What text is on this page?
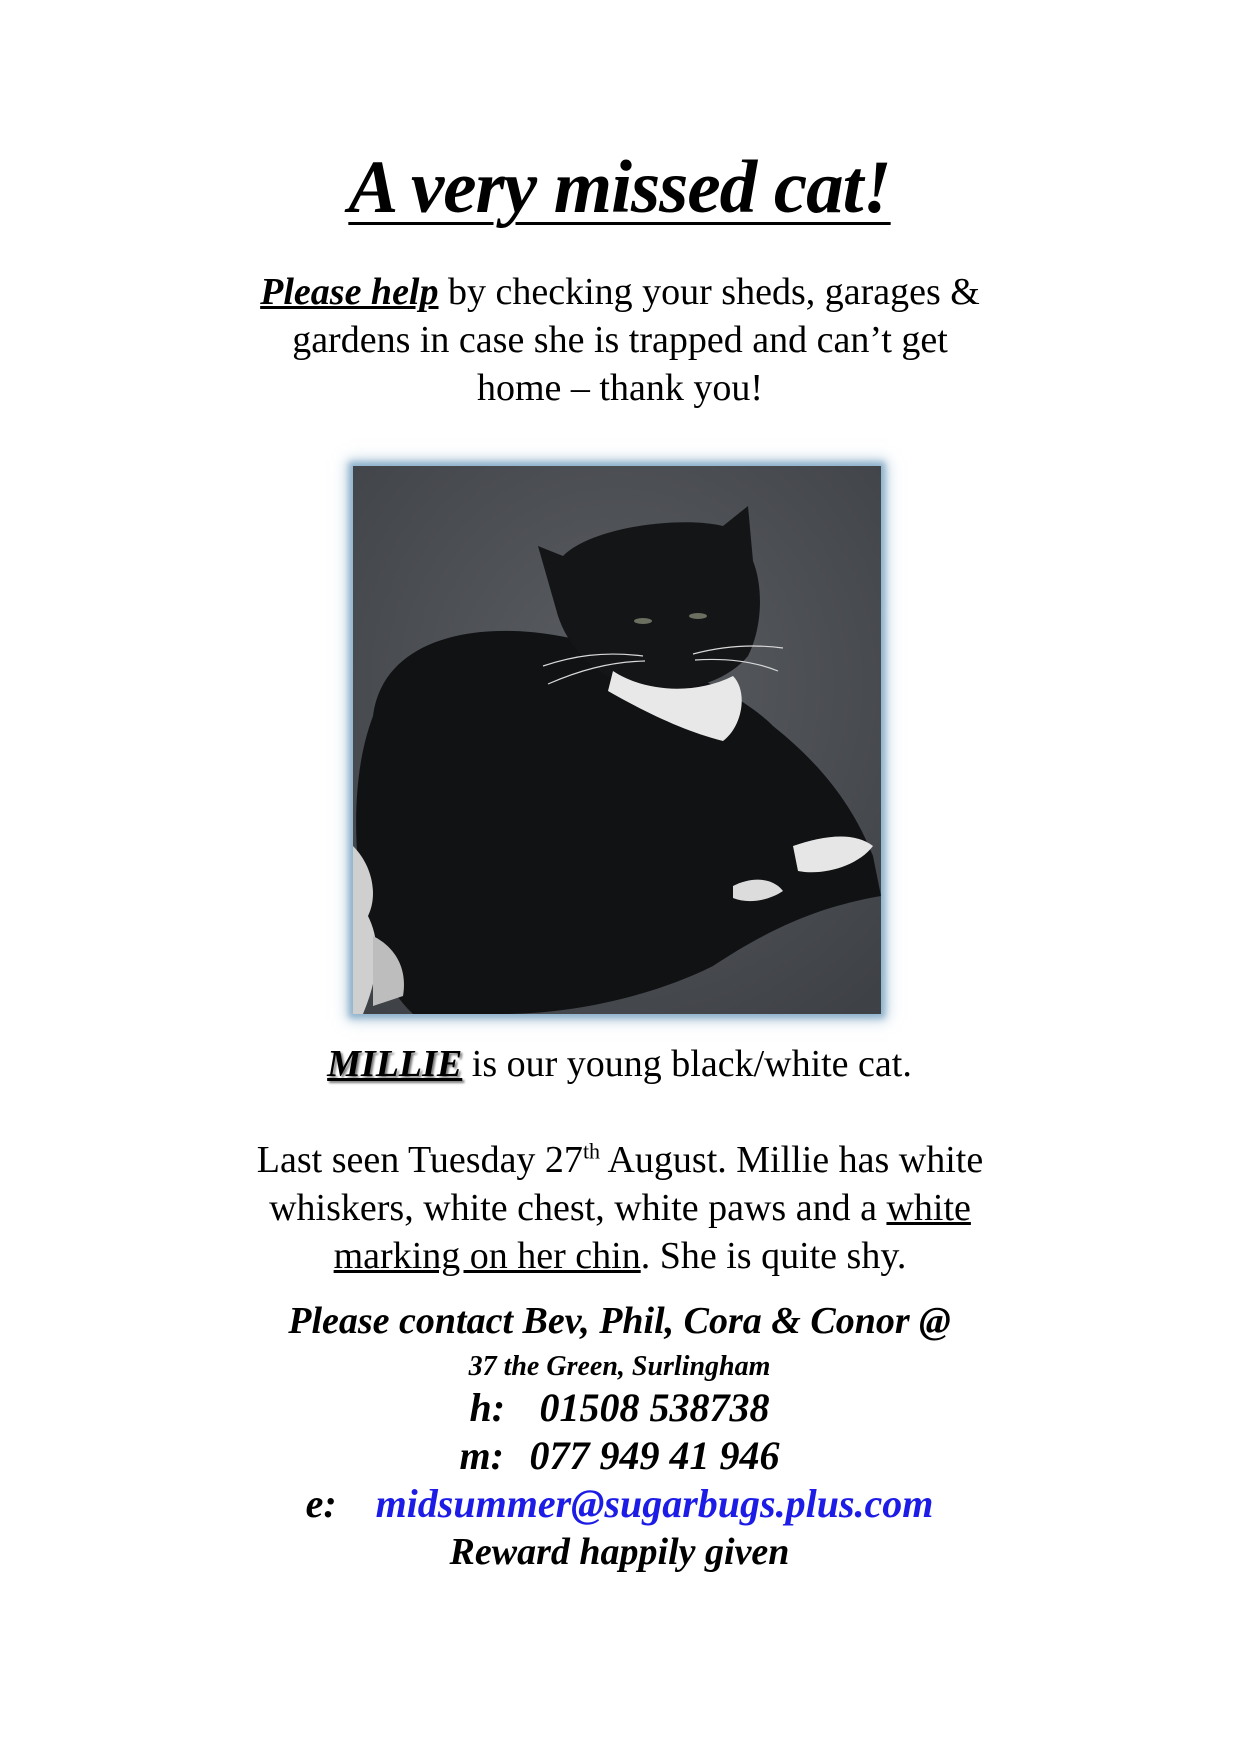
A very missed cat!
Please help by checking your sheds, garages &
gardens in case she is trapped and can’t get
home – thank you!
MILLIE is our young black/white cat.
Last seen Tuesday 27th August. Millie has white
whiskers, white chest, white paws and a white
marking on her chin. She is quite shy.
Please contact Bev, Phil, Cora & Conor @
37 the Green, Surlingham
h: 01508 538738
m: 077 949 41 946
e: midsummer@sugarbugs.plus.com
Reward happily given
